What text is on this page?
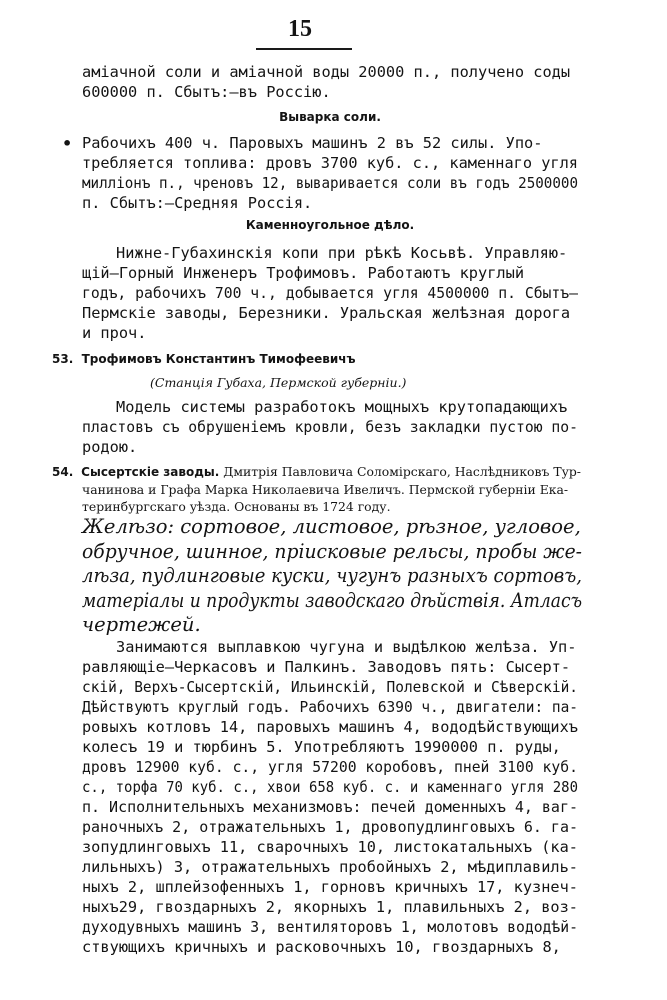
15
аміачной соли и аміачной воды 20000 п., получено соды
600000 п. Сбытъ:—въ Россію.
Выварка соли.
• Рабочихъ 400 ч. Паровыхъ машинъ 2 въ 52 силы. Упо-
требляется топлива: дровъ 3700 куб. с., каменнаго угля
милліонъ п., чреновъ 12, вываривается соли въ годъ 2500000
п. Сбытъ:—Средняя Россія.
Каменноугольное дѣло.
Нижне-Губахинскія копи при рѣкѣ Косьвѣ. Управляю-
щій—Горный Инженеръ Трофимовъ. Работаютъ круглый
годъ, рабочихъ 700 ч., добывается угля 4500000 п. Сбытъ—
Пермскіе заводы, Березники. Уральская желѣзная дорога
и проч.
53. Трофимовъ Константинъ Тимофеевичъ
(Станція Губаха, Пермской губерніи.)
Модель системы разработокъ мощныхъ крутопадающихъ
пластовъ съ обрушеніемъ кровли, безъ закладки пустою по-
родою.
54. Сысертскіе заводы. Дмитрія Павловича Соломірскаго, Наслѣдниковъ Тур-
чанинова и Графа Марка Николаевича Ивеличъ. Пермской губерніи Ека-
теринбургскаго уѣзда. Основаны въ 1724 году.
Желѣзо: сортовое, листовое, рѣзное, угловое,
обручное, шинное, пріисковые рельсы, пробы же-
лѣза, пудлинговые куски, чугунъ разныхъ сортовъ,
матеріалы и продукты заводскаго дѣйствія. Атласъ
чертежей.
Занимаются выплавкою чугуна и выдѣлкою желѣза. Уп-
равляющіе—Черкасовъ и Палкинъ. Заводовъ пять: Сысерт-
скій, Верхъ-Сысертскій, Ильинскій, Полевской и Сѣверскій.
Дѣйствуютъ круглый годъ. Рабочихъ 6390 ч., двигатели: па-
ровыхъ котловъ 14, паровыхъ машинъ 4, вододѣйствующихъ
колесъ 19 и тюрбинъ 5. Употребляютъ 1990000 п. руды,
дровъ 12900 куб. с., угля 57200 коробовъ, пней 3100 куб.
с., торфа 70 куб. с., хвои 658 куб. с. и каменнаго угля 280
п. Исполнительныхъ механизмовъ: печей доменныхъ 4, ваг-
раночныхъ 2, отражательныхъ 1, дровопудлинговыхъ 6. га-
зопудлинговыхъ 11, сварочныхъ 10, листокатальныхъ (ка-
лильныхъ) 3, отражательныхъ пробойныхъ 2, мѣдиплавиль-
ныхъ 2, шплейзофенныхъ 1, горновъ кричныхъ 17, кузнеч-
ныхъ29, гвоздарныхъ 2, якорныхъ 1, плавильныхъ 2, воз-
духодувныхъ машинъ 3, вентиляторовъ 1, молотовъ вододѣй-
ствующихъ кричныхъ и расковочныхъ 10, гвоздарныхъ 8,
